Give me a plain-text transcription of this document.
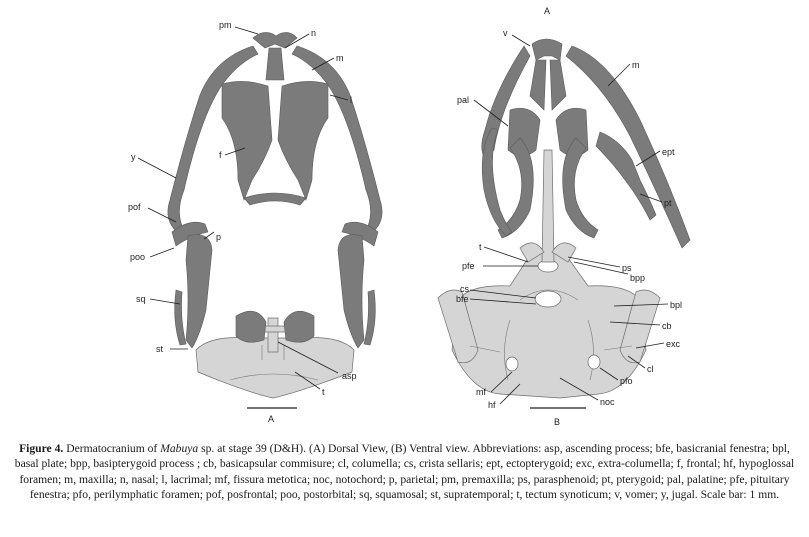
pm
n
m
l
y	f
pof
p
poo
sq
st
asp
t
A
A
v
m
pal
ept
pt
t
ps
pfe
bpp
cs
bfe
bpl
cb
exc
cl
pfo
mf
hf	noc
B
Figure 4. Dermatocranium of Mabuya sp. at stage 39 (D&H). (A) Dorsal View, (B) Ventral view. Abbreviations: asp, ascending process; bfe, basicranial fenestra; bpl, basal plate; bpp, basipterygoid process ; cb, basicapsular commisure; cl, columella; cs, crista sellaris; ept, ectopterygoid; exc, extra-columella; f, frontal; hf, hypoglossal foramen; m, maxilla; n, nasal; l, lacrimal; mf, fissura metotica; noc, notochord; p, parietal; pm, premaxilla; ps, parasphenoid; pt, pterygoid; pal, palatine; pfe, pituitary fenestra; pfo, perilymphatic foramen; pof, posfrontal; poo, postorbital; sq, squamosal; st, supratemporal; t, tectum synoticum; v, vomer; y, jugal. Scale bar: 1 mm.
